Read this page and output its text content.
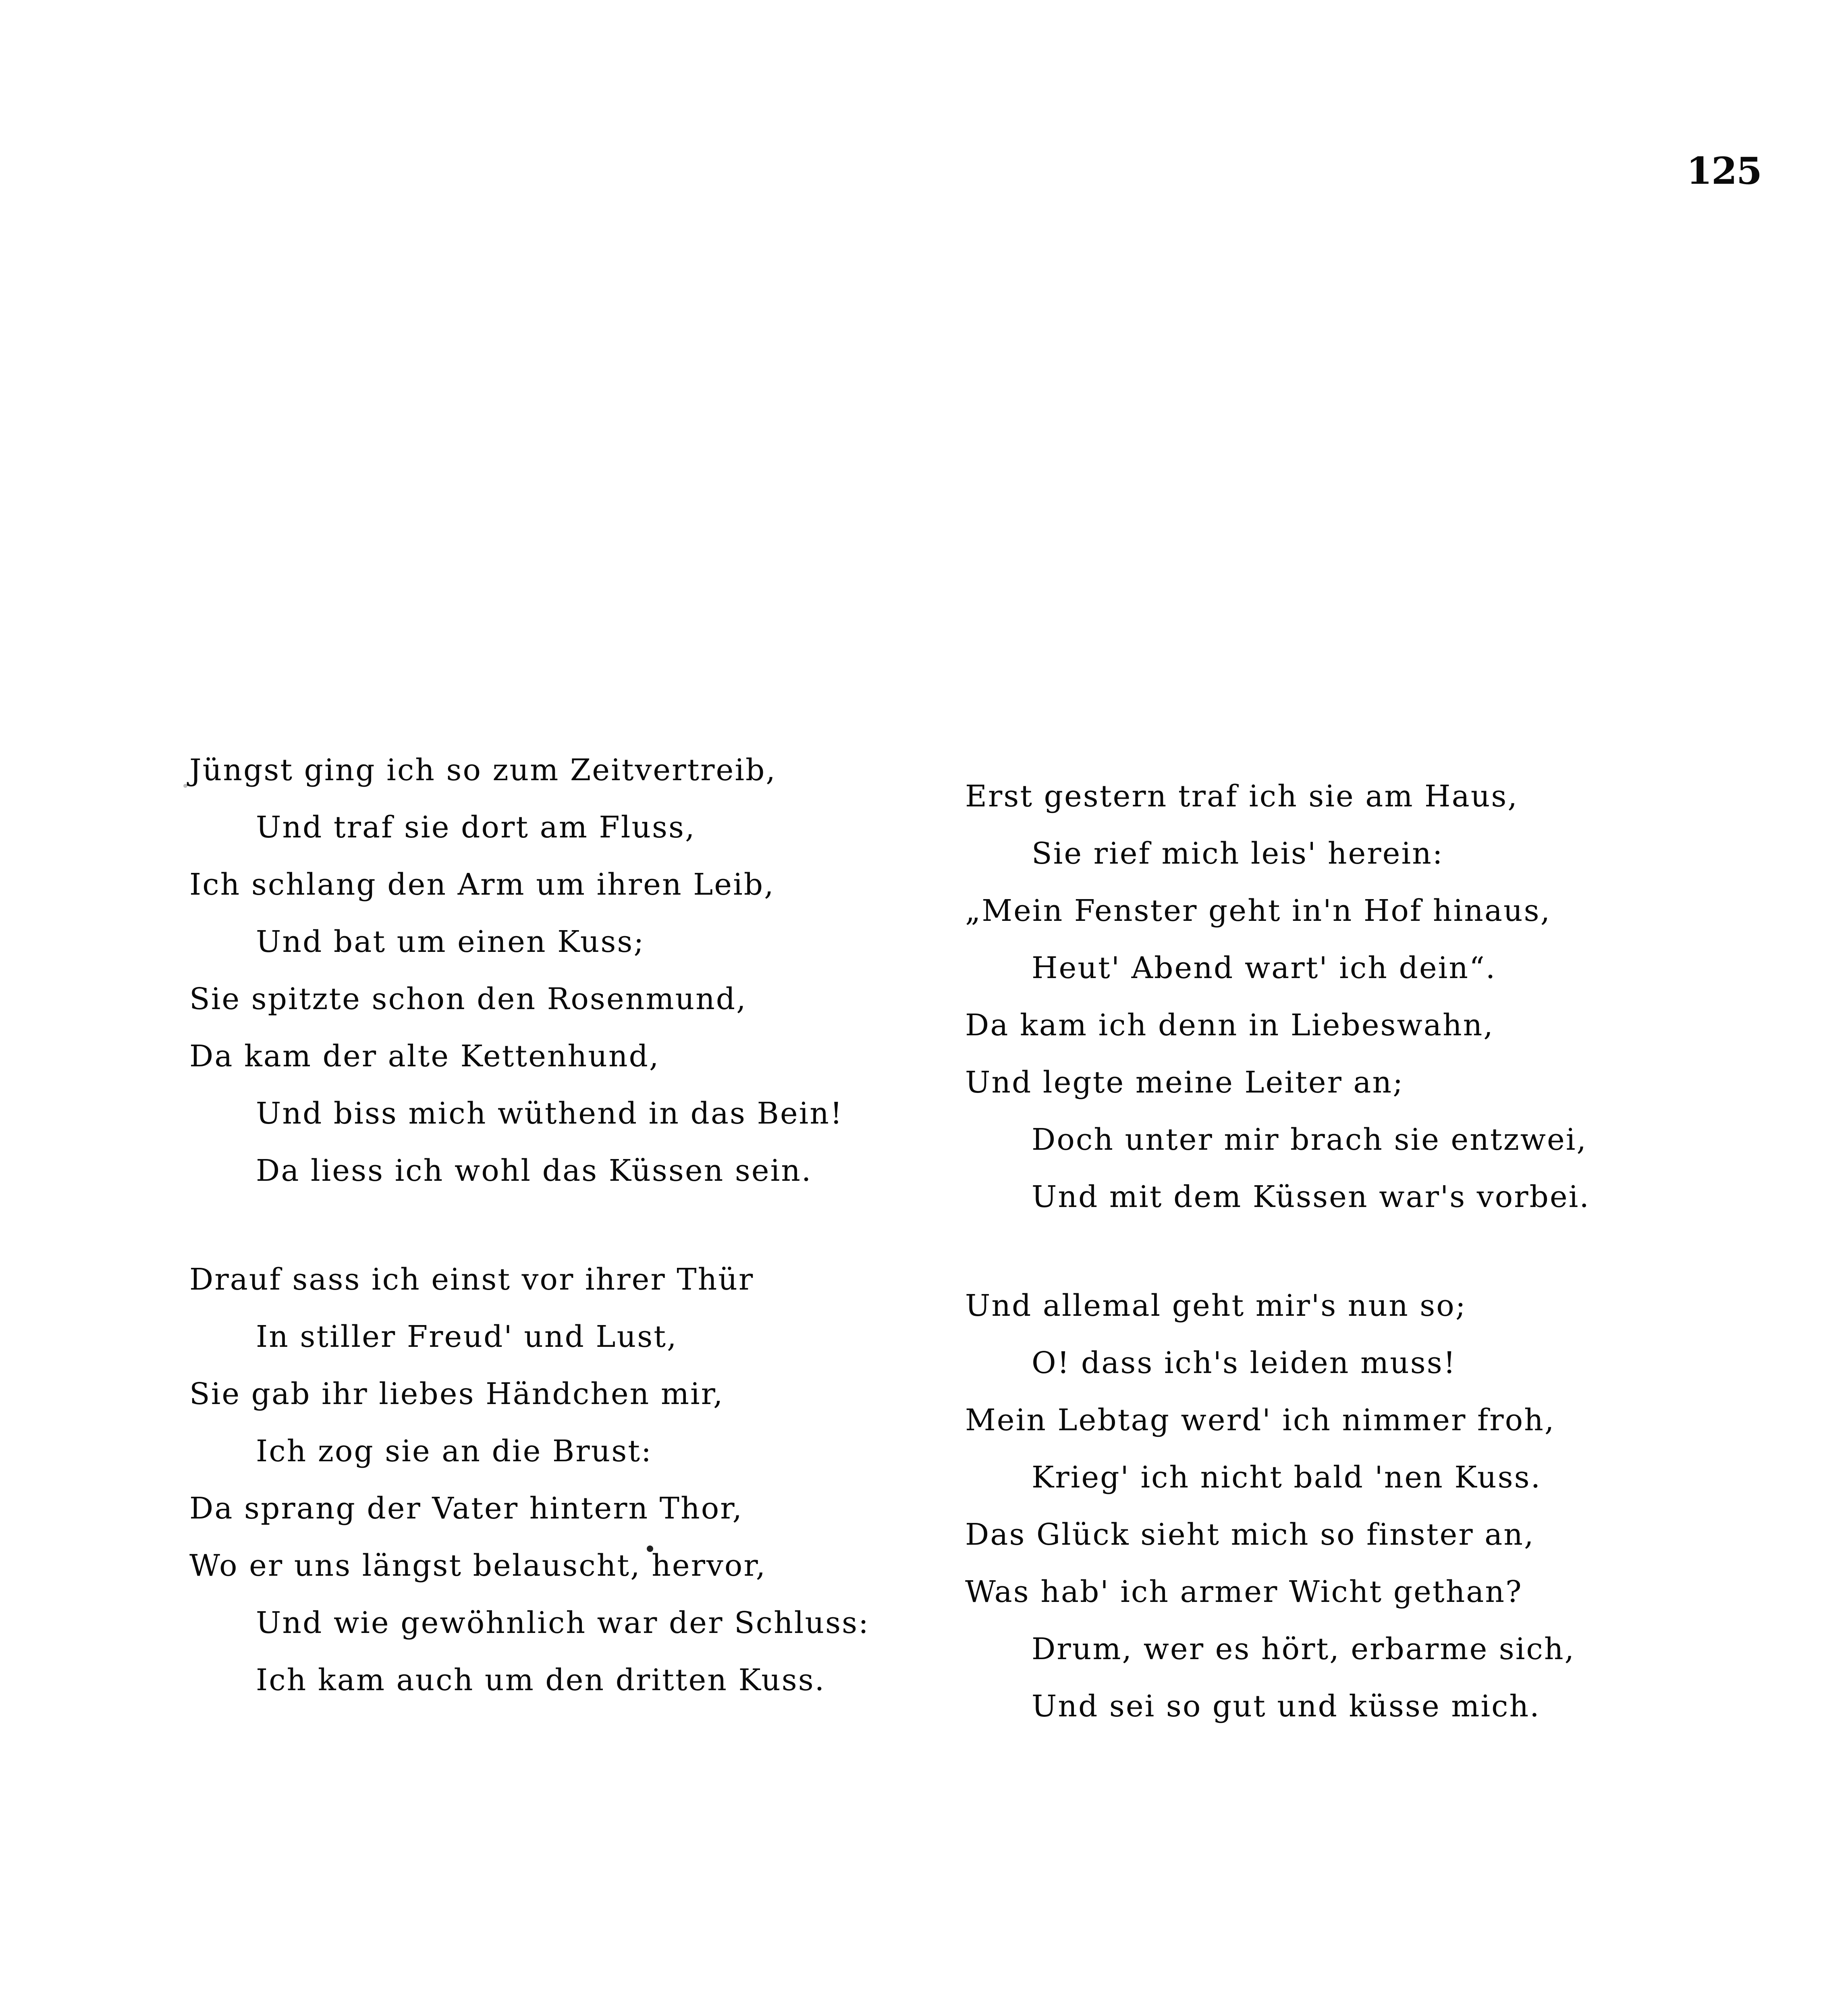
125
Jüngst ging ich so zum Zeitvertreib,
Und traf sie dort am Fluss,
Ich schlang den Arm um ihren Leib,
Und bat um einen Kuss;
Sie spitzte schon den Rosenmund,
Da kam der alte Kettenhund,
Und biss mich wüthend in das Bein!
Da liess ich wohl das Küssen sein.
Drauf sass ich einst vor ihrer Thür
In stiller Freud' und Lust,
Sie gab ihr liebes Händchen mir,
Ich zog sie an die Brust:
Da sprang der Vater hintern Thor,
Wo er uns längst belauscht, hervor,
Und wie gewöhnlich war der Schluss:
Ich kam auch um den dritten Kuss.
Erst gestern traf ich sie am Haus,
Sie rief mich leis' herein:
„Mein Fenster geht in'n Hof hinaus,
Heut' Abend wart' ich dein“.
Da kam ich denn in Liebeswahn,
Und legte meine Leiter an;
Doch unter mir brach sie entzwei,
Und mit dem Küssen war's vorbei.
Und allemal geht mir's nun so;
O! dass ich's leiden muss!
Mein Lebtag werd' ich nimmer froh,
Krieg' ich nicht bald 'nen Kuss.
Das Glück sieht mich so finster an,
Was hab' ich armer Wicht gethan?
Drum, wer es hört, erbarme sich,
Und sei so gut und küsse mich.
